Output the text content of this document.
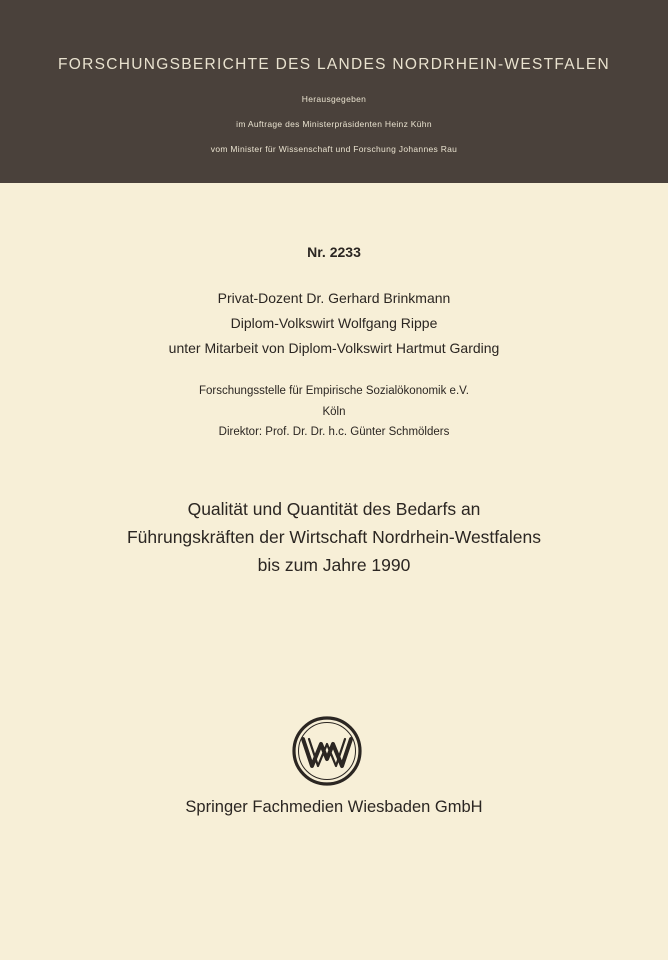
FORSCHUNGSBERICHTE DES LANDES NORDRHEIN-WESTFALEN
Herausgegeben
im Auftrage des Ministerpräsidenten Heinz Kühn
vom Minister für Wissenschaft und Forschung Johannes Rau
Nr. 2233
Privat-Dozent Dr. Gerhard Brinkmann
Diplom-Volkswirt Wolfgang Rippe
unter Mitarbeit von Diplom-Volkswirt Hartmut Garding
Forschungsstelle für Empirische Sozialökonomik e.V.
Köln
Direktor: Prof. Dr. Dr. h.c. Günter Schmölders
Qualität und Quantität des Bedarfs an
Führungskräften der Wirtschaft Nordrhein-Westfalens
bis zum Jahre 1990
Springer Fachmedien Wiesbaden GmbH
